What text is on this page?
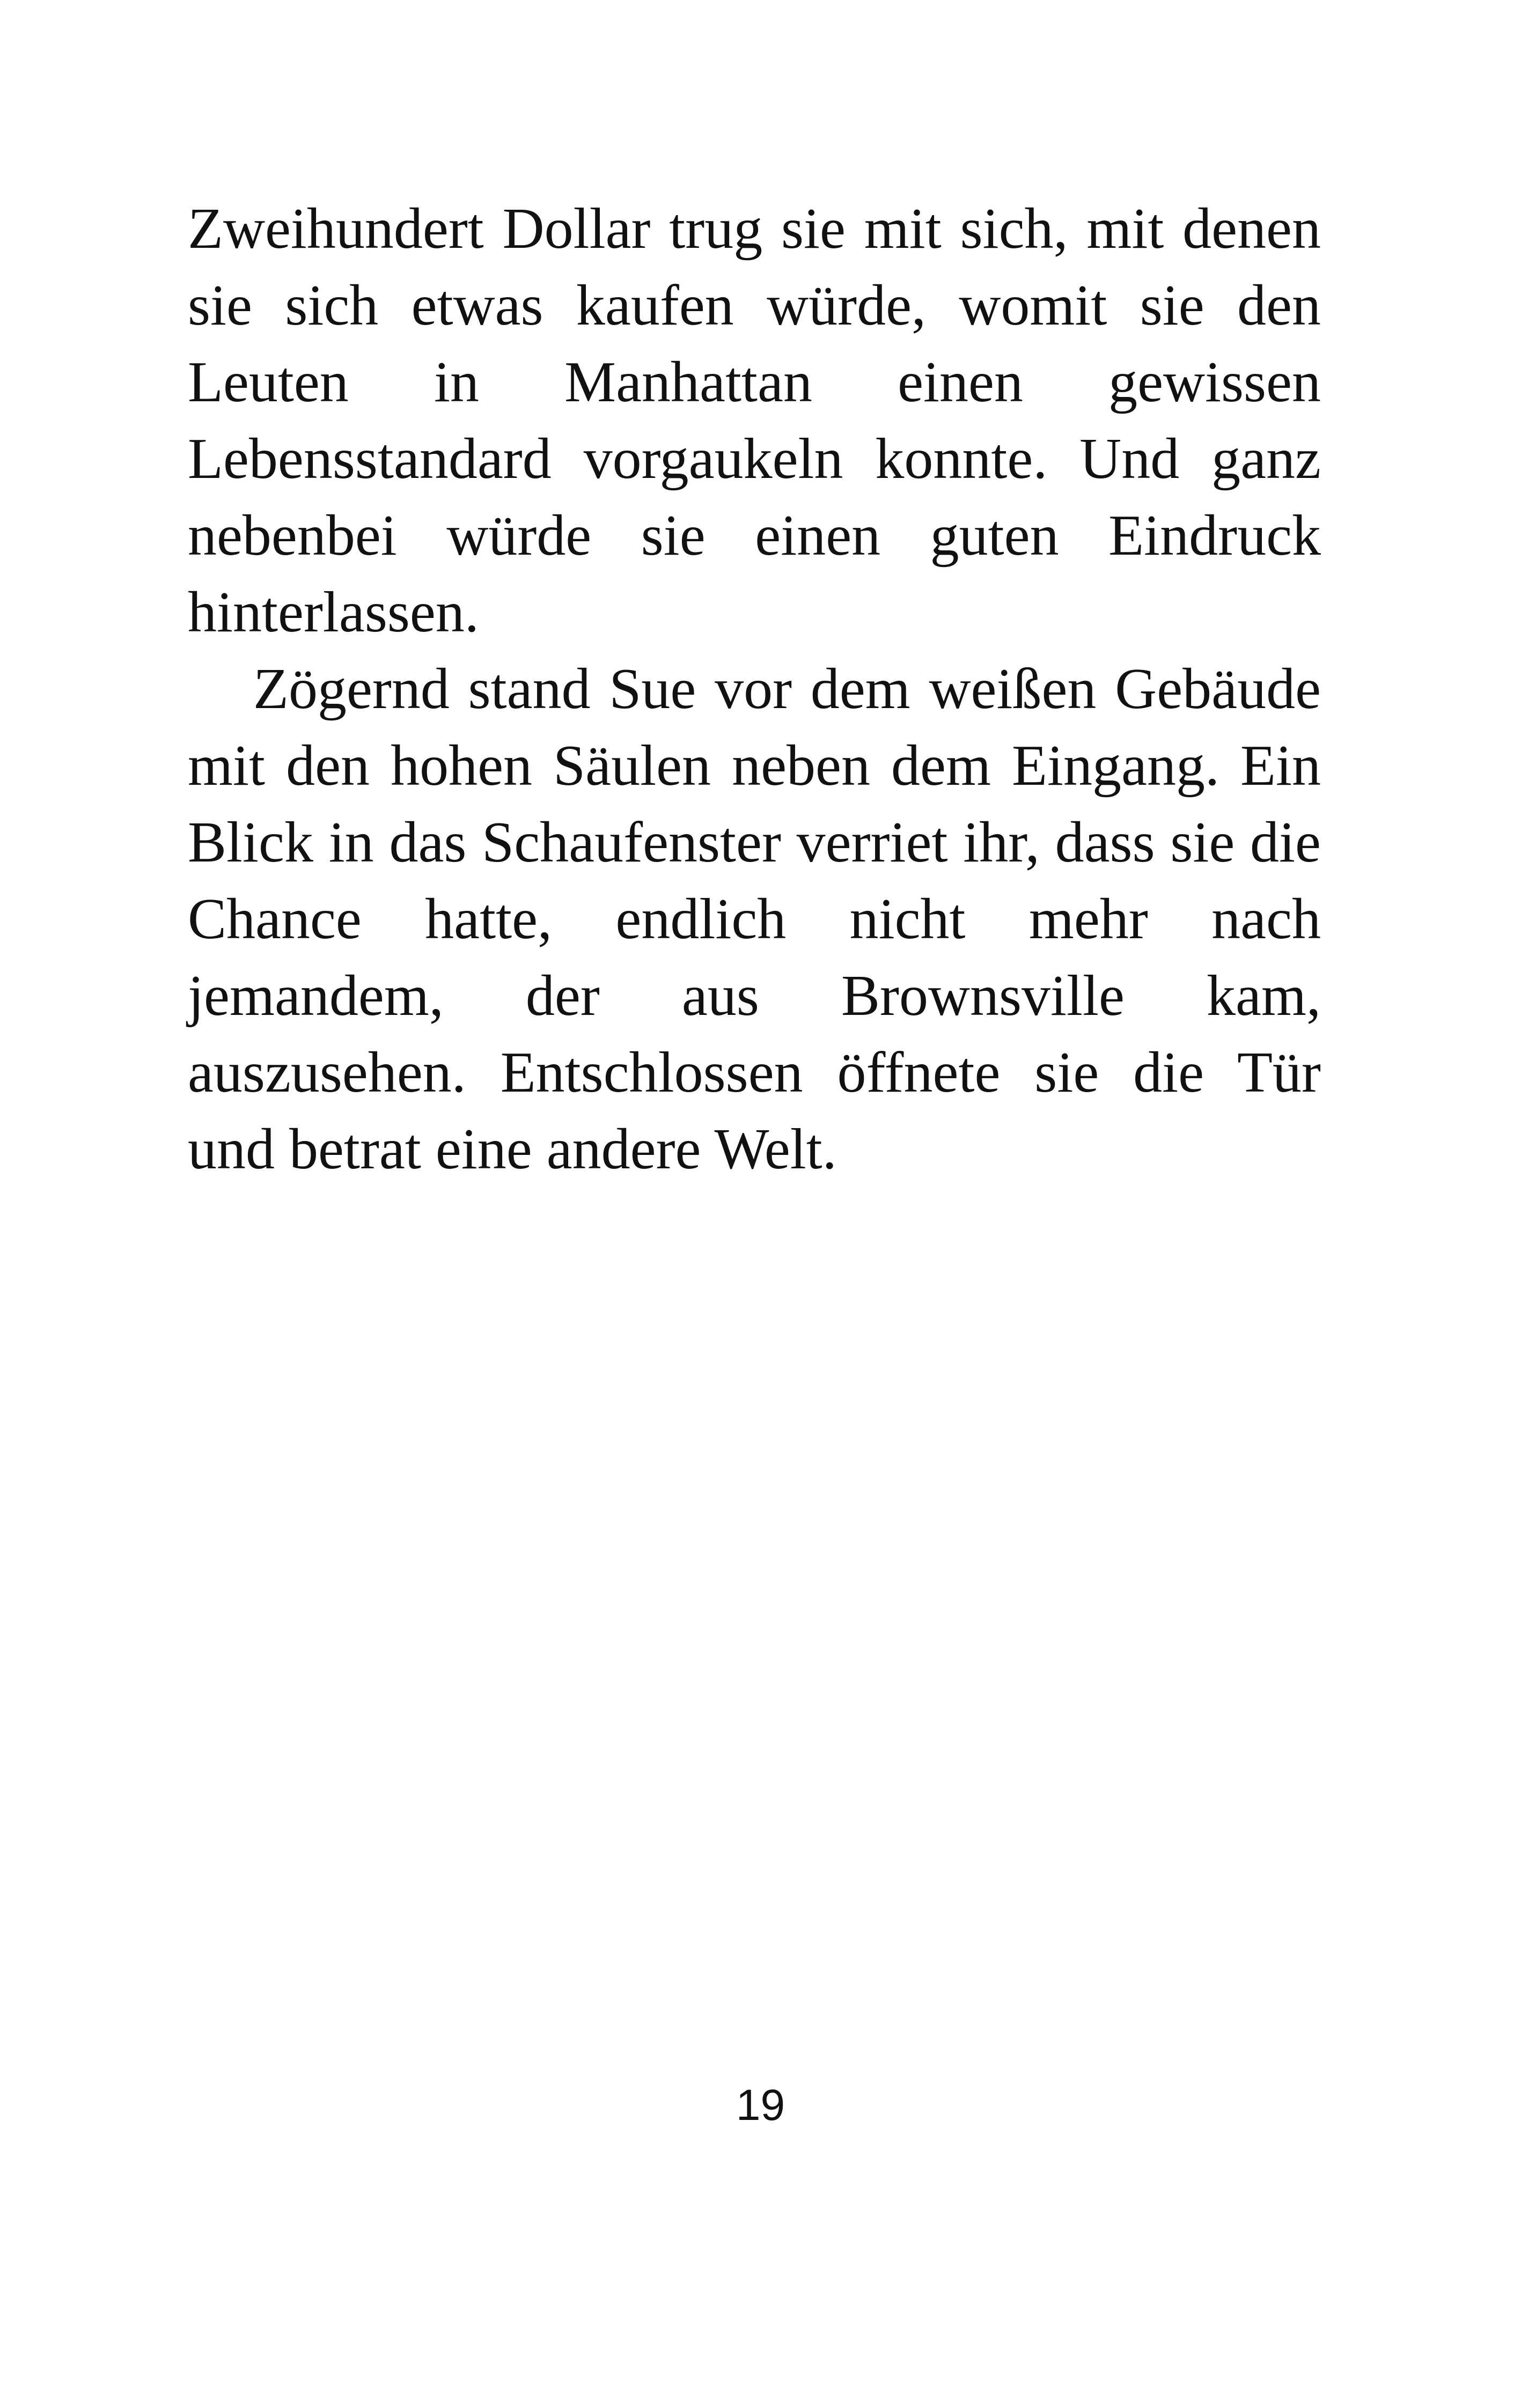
Zweihundert Dollar trug sie mit sich, mit denen sie sich etwas kaufen würde, womit sie den Leuten in Manhattan einen gewissen Lebensstandard vorgaukeln konnte. Und ganz nebenbei würde sie einen guten Eindruck hinterlassen.

Zögernd stand Sue vor dem weißen Gebäude mit den hohen Säulen neben dem Eingang. Ein Blick in das Schaufenster verriet ihr, dass sie die Chance hatte, endlich nicht mehr nach jemandem, der aus Brownsville kam, auszusehen. Entschlossen öffnete sie die Tür und betrat eine andere Welt.

19
